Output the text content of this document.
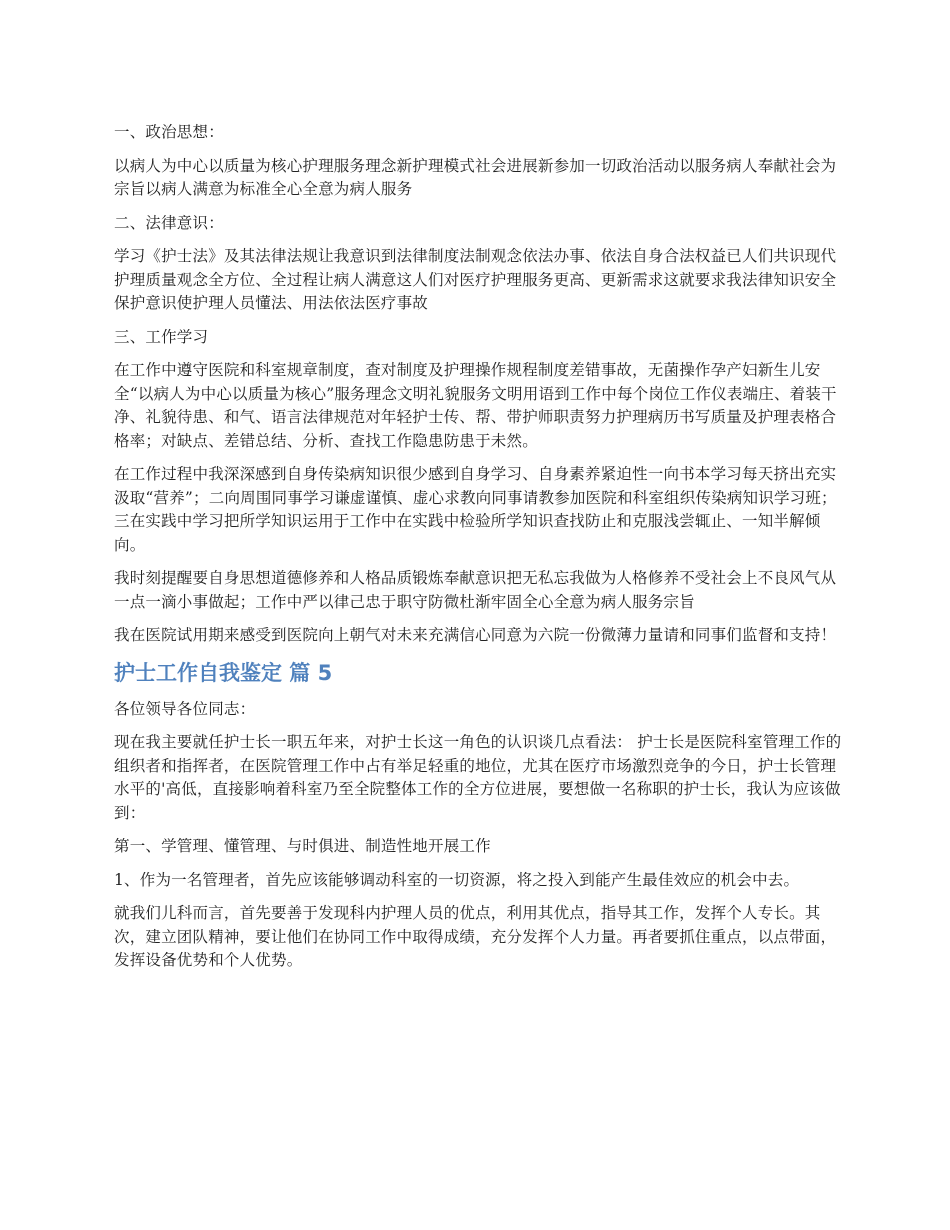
一、政治思想：

以病人为中心以质量为核心护理服务理念新护理模式社会进展新参加一切政治活动以服务病人奉献社会为宗旨以病人满意为标准全心全意为病人服务

二、法律意识：

学习《护士法》及其法律法规让我意识到法律制度法制观念依法办事、依法自身合法权益已人们共识现代护理质量观念全方位、全过程让病人满意这人们对医疗护理服务更高、更新需求这就要求我法律知识安全保护意识使护理人员懂法、用法依法医疗事故

三、工作学习

在工作中遵守医院和科室规章制度，查对制度及护理操作规程制度差错事故，无菌操作孕产妇新生儿安全“以病人为中心以质量为核心”服务理念文明礼貌服务文明用语到工作中每个岗位工作仪表端庄、着装干净、礼貌待患、和气、语言法律规范对年轻护士传、帮、带护师职责努力护理病历书写质量及护理表格合格率；对缺点、差错总结、分析、查找工作隐患防患于未然。

在工作过程中我深深感到自身传染病知识很少感到自身学习、自身素养紧迫性一向书本学习每天挤出充实汲取“营养”；二向周围同事学习谦虚谨慎、虚心求教向同事请教参加医院和科室组织传染病知识学习班；三在实践中学习把所学知识运用于工作中在实践中检验所学知识查找防止和克服浅尝辄止、一知半解倾向。

我时刻提醒要自身思想道德修养和人格品质锻炼奉献意识把无私忘我做为人格修养不受社会上不良风气从一点一滴小事做起；工作中严以律己忠于职守防微杜渐牢固全心全意为病人服务宗旨

我在医院试用期来感受到医院向上朝气对未来充满信心同意为六院一份微薄力量请和同事们监督和支持！

护士工作自我鉴定 篇 5

各位领导各位同志：

现在我主要就任护士长一职五年来，对护士长这一角色的认识谈几点看法： 护士长是医院科室管理工作的组织者和指挥者，在医院管理工作中占有举足轻重的地位，尤其在医疗市场激烈竞争的今日，护士长管理水平的'高低，直接影响着科室乃至全院整体工作的全方位进展，要想做一名称职的护士长，我认为应该做到：

第一、学管理、懂管理、与时俱进、制造性地开展工作

1、作为一名管理者，首先应该能够调动科室的一切资源，将之投入到能产生最佳效应的机会中去。

就我们儿科而言，首先要善于发现科内护理人员的优点，利用其优点，指导其工作，发挥个人专长。其次，建立团队精神，要让他们在协同工作中取得成绩，充分发挥个人力量。再者要抓住重点，以点带面，发挥设备优势和个人优势。
